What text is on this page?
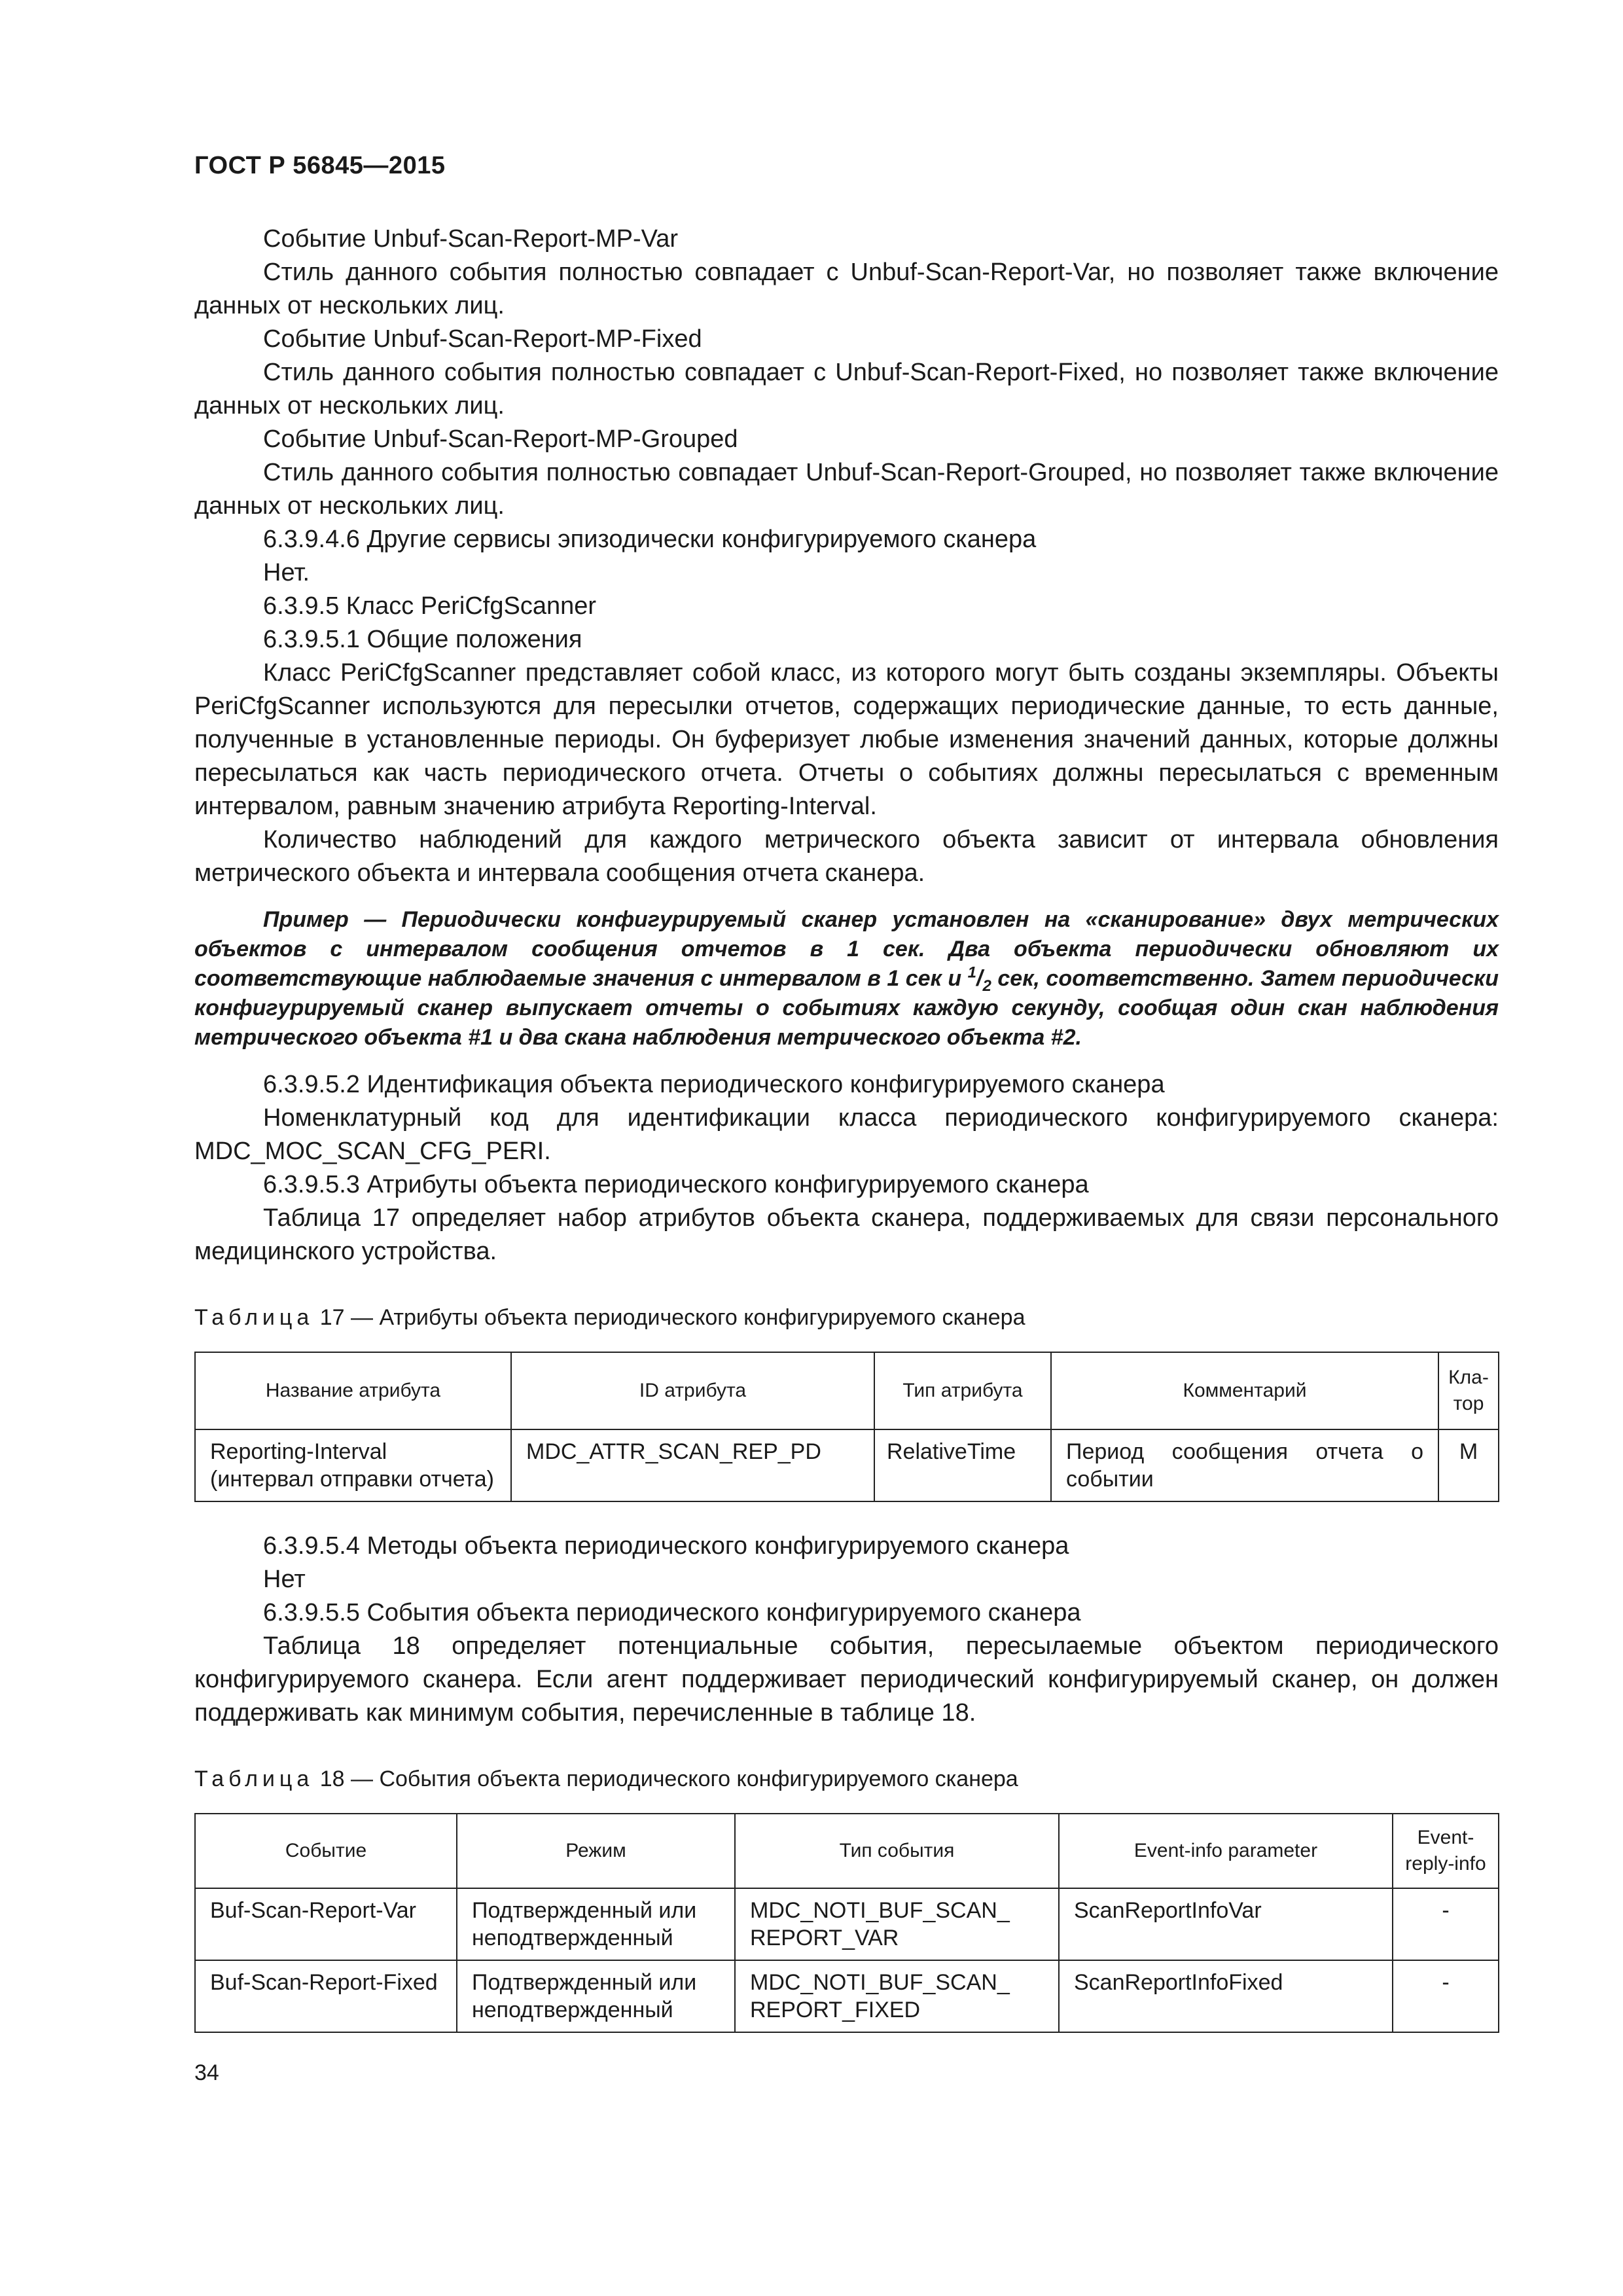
ГОСТ Р 56845—2015

Событие Unbuf-Scan-Report-MP-Var

Стиль данного события полностью совпадает с Unbuf-Scan-Report-Var, но позволяет также включение данных от нескольких лиц.

Событие Unbuf-Scan-Report-MP-Fixed

Стиль данного события полностью совпадает с Unbuf-Scan-Report-Fixed, но позволяет также включение данных от нескольких лиц.

Событие Unbuf-Scan-Report-MP-Grouped

Стиль данного события полностью совпадает Unbuf-Scan-Report-Grouped, но позволяет также включение данных от нескольких лиц.

6.3.9.4.6 Другие сервисы эпизодически конфигурируемого сканера

Нет.

6.3.9.5 Класс PeriCfgScanner

6.3.9.5.1 Общие положения

Класс PeriCfgScanner представляет собой класс, из которого могут быть созданы экземпляры. Объекты PeriCfgScanner используются для пересылки отчетов, содержащих периодические данные, то есть данные, полученные в установленные периоды. Он буферизует любые изменения значений данных, которые должны пересылаться как часть периодического отчета. Отчеты о событиях должны пересылаться с временным интервалом, равным значению атрибута Reporting-Interval.

Количество наблюдений для каждого метрического объекта зависит от интервала обновления метрического объекта и интервала сообщения отчета сканера.

Пример — Периодически конфигурируемый сканер установлен на «сканирование» двух метрических объектов с интервалом сообщения отчетов в 1 сек. Два объекта периодически обновляют их соответствующие наблюдаемые значения с интервалом в 1 сек и $^1/_2$ сек, соответственно. Затем периодически конфигурируемый сканер выпускает отчеты о событиях каждую секунду, сообщая один скан наблюдения метрического объекта #1 и два скана наблюдения метрического объекта #2.

6.3.9.5.2 Идентификация объекта периодического конфигурируемого сканера

Номенклатурный код для идентификации класса периодического конфигурируемого сканера: MDC_MOC_SCAN_CFG_PERI.

6.3.9.5.3 Атрибуты объекта периодического конфигурируемого сканера

Таблица 17 определяет набор атрибутов объекта сканера, поддерживаемых для связи персонального медицинского устройства.

Таблица 17 — Атрибуты объекта периодического конфигурируемого сканера

Название атрибута	ID атрибута	Тип атрибута	Комментарий	Кла-тор
Reporting-Interval (интервал отправки отчета)	MDC_ATTR_SCAN_REP_PD	RelativeTime	Период сообщения отчета о событии	M

6.3.9.5.4 Методы объекта периодического конфигурируемого сканера

Нет

6.3.9.5.5 События объекта периодического конфигурируемого сканера

Таблица 18 определяет потенциальные события, пересылаемые объектом периодического конфигурируемого сканера. Если агент поддерживает периодический конфигурируемый сканер, он должен поддерживать как минимум события, перечисленные в таблице 18.

Таблица 18 — События объекта периодического конфигурируемого сканера

Событие	Режим	Тип события	Event-info parameter	Event-reply-info
Buf-Scan-Report-Var	Подтвержденный или неподтвержденный	MDC_NOTI_BUF_SCAN_ REPORT_VAR	ScanReportInfoVar	-
Buf-Scan-Report-Fixed	Подтвержденный или неподтвержденный	MDC_NOTI_BUF_SCAN_ REPORT_FIXED	ScanReportInfoFixed	-
34
